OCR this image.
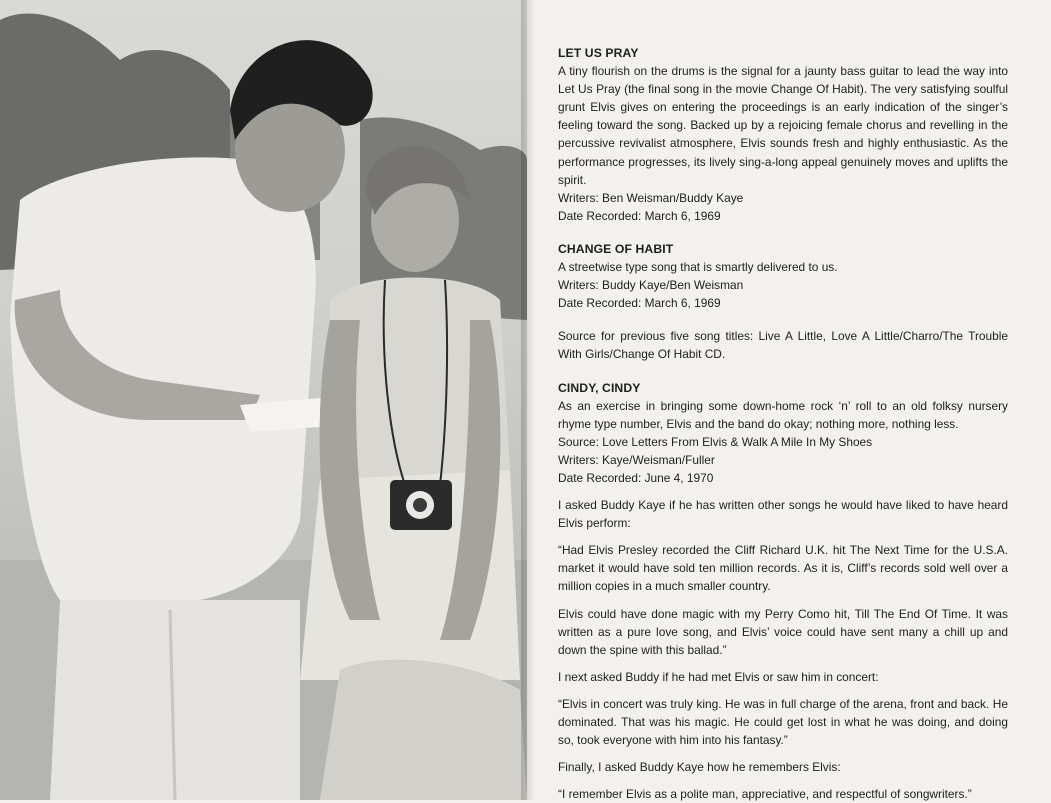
LET US PRAY

A tiny flourish on the drums is the signal for a jaunty bass guitar to lead the way into Let Us Pray (the final song in the movie Change Of Habit). The very satisfying soulful grunt Elvis gives on entering the proceedings is an early indication of the singer’s feeling toward the song. Backed up by a rejoicing female chorus and revelling in the percussive revivalist atmosphere, Elvis sounds fresh and highly enthusiastic. As the performance progresses, its lively sing-a-long appeal genuinely moves and uplifts the spirit.

Writers: Ben Weisman/Buddy Kaye

Date Recorded: March 6, 1969

CHANGE OF HABIT

A streetwise type song that is smartly delivered to us.

Writers: Buddy Kaye/Ben Weisman

Date Recorded: March 6, 1969

Source for previous five song titles: Live A Little, Love A Little/Charro/The Trouble With Girls/Change Of Habit CD.

CINDY, CINDY

As an exercise in bringing some down-home rock ‘n’ roll to an old folksy nursery rhyme type number, Elvis and the band do okay; nothing more, nothing less.

Source: Love Letters From Elvis & Walk A Mile In My Shoes

Writers: Kaye/Weisman/Fuller

Date Recorded: June 4, 1970

I asked Buddy Kaye if he has written other songs he would have liked to have heard Elvis perform:

“Had Elvis Presley recorded the Cliff Richard U.K. hit The Next Time for the U.S.A. market it would have sold ten million records. As it is, Cliff’s records sold well over a million copies in a much smaller country.

Elvis could have done magic with my Perry Como hit, Till The End Of Time. It was written as a pure love song, and Elvis’ voice could have sent many a chill up and down the spine with this ballad.”

I next asked Buddy if he had met Elvis or saw him in concert:

“Elvis in concert was truly king. He was in full charge of the arena, front and back. He dominated. That was his magic. He could get lost in what he was doing, and doing so, took everyone with him into his fantasy.”

Finally, I asked Buddy Kaye how he remembers Elvis:

“I remember Elvis as a polite man, appreciative, and respectful of songwriters.”
